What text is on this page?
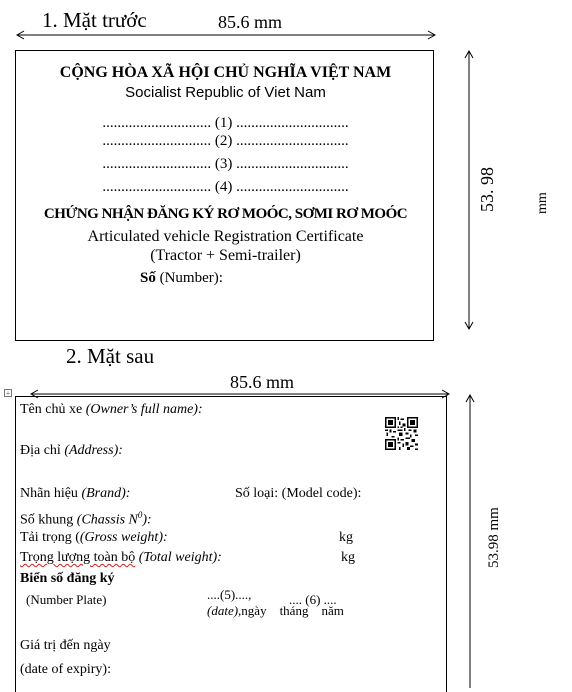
1. Mặt trước	85.6 mm
53. 98	mm
CỘNG HÒA XÃ HỘI CHỦ NGHĨA VIỆT NAM
Socialist Republic of Viet Nam
............................. (1) ..............................
............................. (2) ..............................
............................. (3) ..............................
............................. (4) ..............................
CHỨNG NHẬN ĐĂNG KÝ RƠ MOÓC, SƠMI RƠ MOÓC
Articulated vehicle Registration Certificate
(Tractor + Semi-trailer)
Số (Number):
2. Mặt sau
+
85.6 mm
53.98 mm
Tên chủ xe (Owner’s full name):
Địa chỉ (Address):
Nhãn hiệu (Brand):	Số loại: (Model code):
Số khung (Chassis $N^0$):
Tải trọng ((Gross weight):	kg
Trọng lượng toàn bộ (Total weight):	kg
Biển số đăng ký
(Number Plate)	....(5)....,
(date),ngày    tháng    năm

.... (6) ....
Giá trị đến ngày
(date of expiry):
